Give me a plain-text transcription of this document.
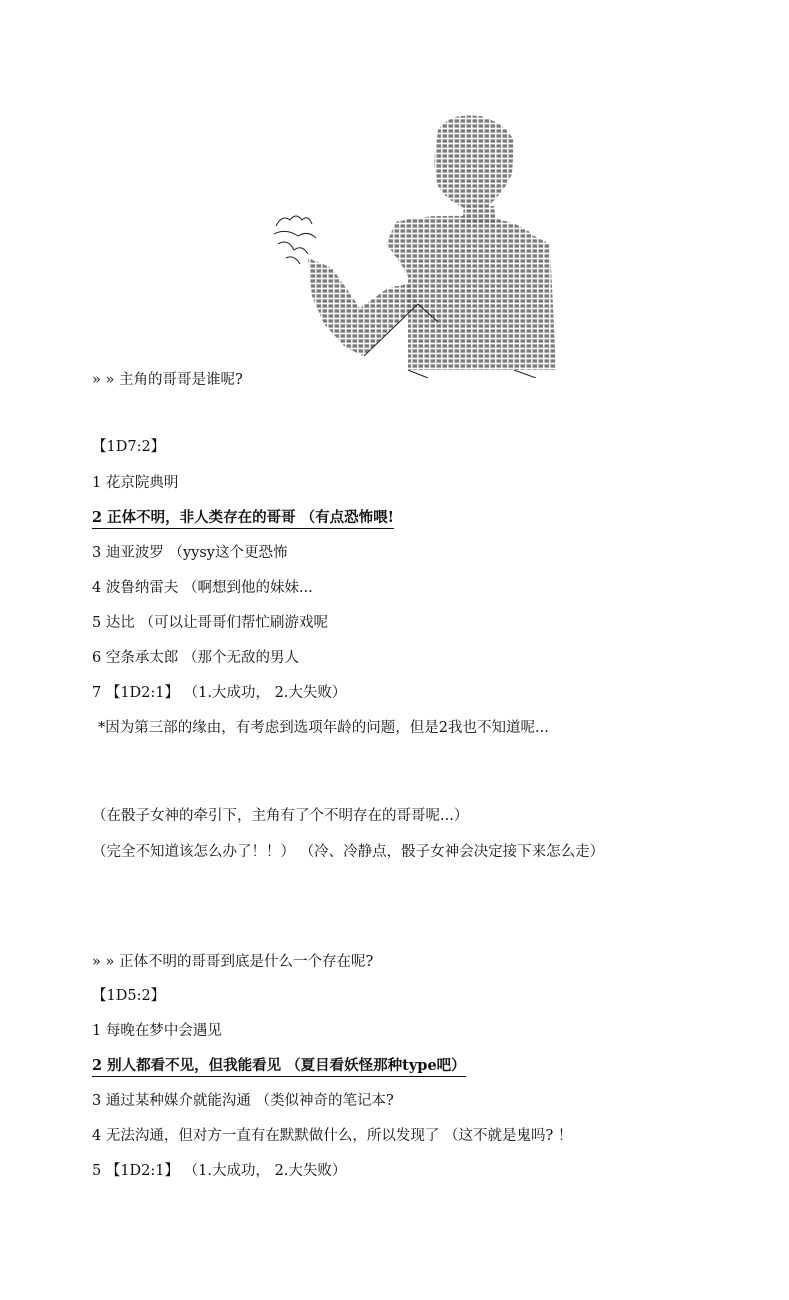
» » 主角的哥哥是谁呢?
【1D7:2】
1 花京院典明
2 正体不明，非人类存在的哥哥 （有点恐怖喂!
3 迪亚波罗 （yysy这个更恐怖
4 波鲁纳雷夫 （啊想到他的妹妹...
5 达比 （可以让哥哥们帮忙刷游戏呢
6 空条承太郎 （那个无敌的男人
7 【1D2:1】 （1.大成功， 2.大失败）
*因为第三部的缘由，有考虑到选项年龄的问题，但是2我也不知道呢...
（在骰子女神的牵引下，主角有了个不明存在的哥哥呢...）
（完全不知道该怎么办了！！） （冷、冷静点，骰子女神会决定接下来怎么走）
» » 正体不明的哥哥到底是什么一个存在呢?
【1D5:2】
1 每晚在梦中会遇见
2 别人都看不见，但我能看见 （夏目看妖怪那种type吧）
3 通过某种媒介就能沟通 （类似神奇的笔记本?
4 无法沟通，但对方一直有在默默做什么，所以发现了 （这不就是鬼吗? ！
5 【1D2:1】 （1.大成功， 2.大失败）
